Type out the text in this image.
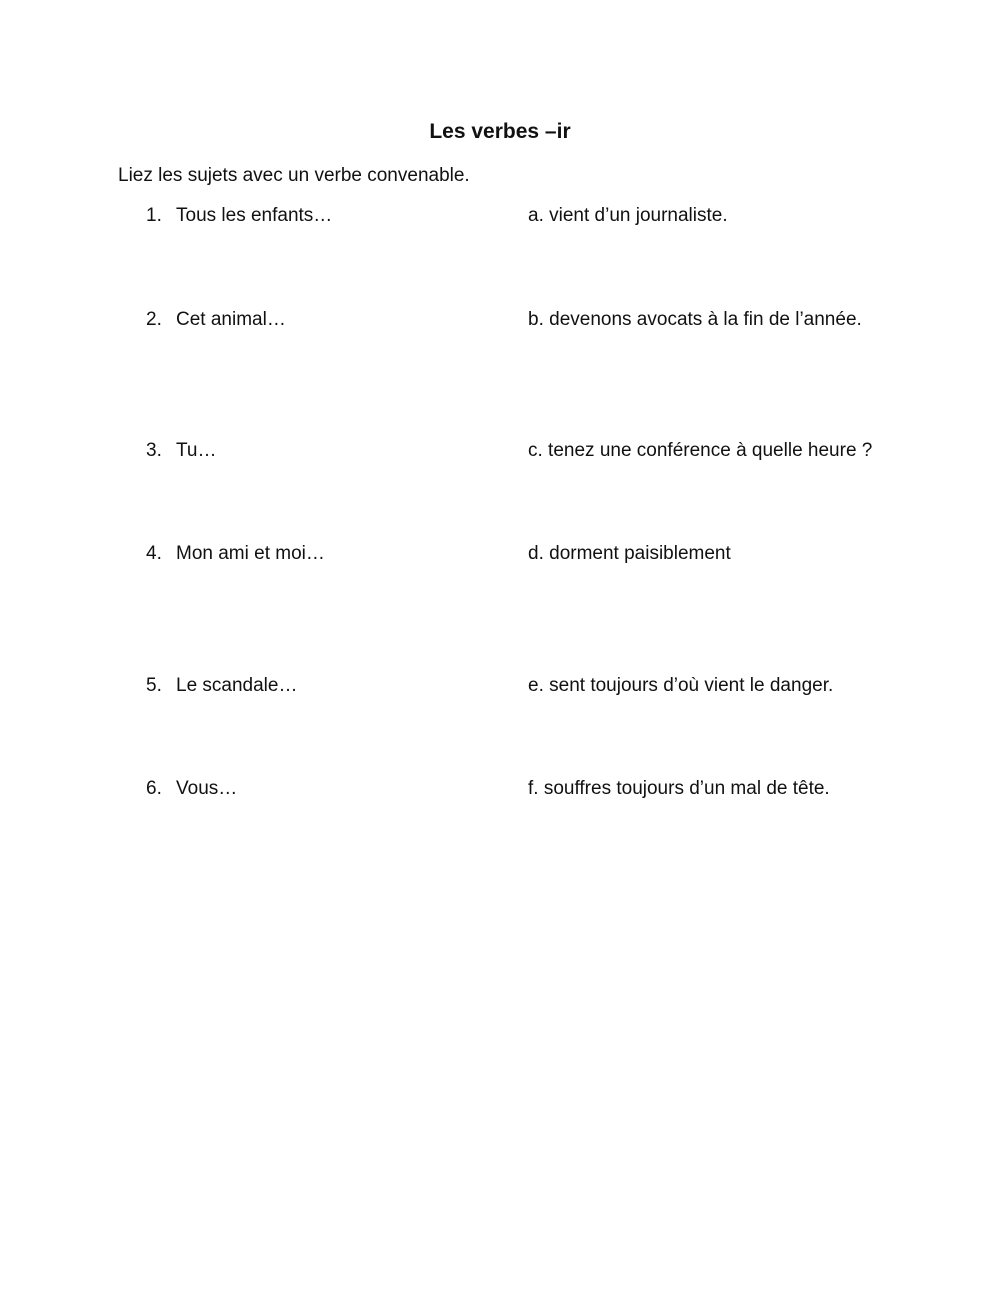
Les verbes –ir
Liez les sujets avec un verbe convenable.
1. Tous les enfants…	a. vient d’un journaliste.
2. Cet animal…	b. devenons avocats à la fin de l’année.
3. Tu…	c. tenez une conférence à quelle heure ?
4. Mon ami et moi…	d. dorment paisiblement
5. Le scandale…	e. sent toujours d’où vient le danger.
6. Vous…	f. souffres toujours d’un mal de tête.
